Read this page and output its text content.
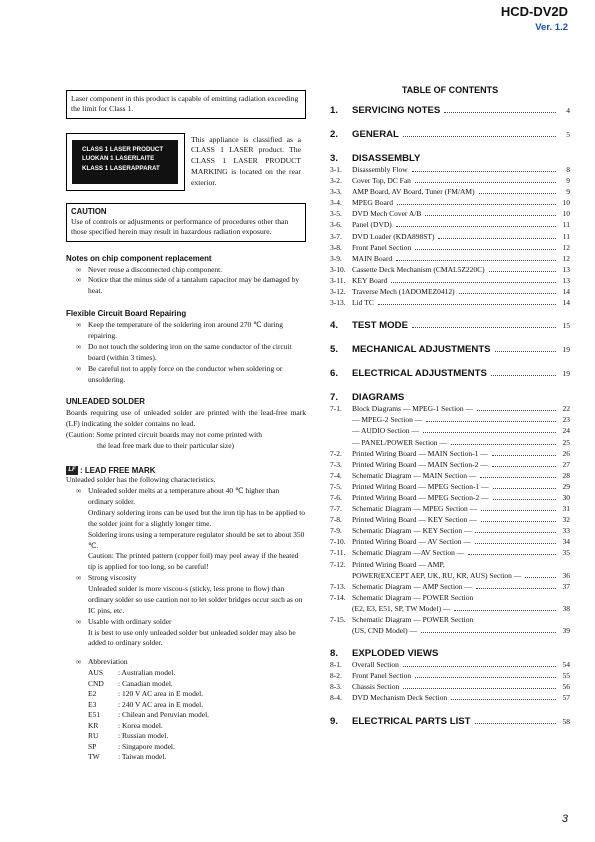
HCD-DV2D
Ver. 1.2
Laser component in this product is capable of emitting radiation exceeding the limit for Class 1.
CLASS 1 LASER PRODUCT
LUOKAN 1 LASERLAITE
KLASS 1 LASERAPPARAT
This appliance is classified as a CLASS 1 LASER product. The CLASS 1 LASER PRODUCT MARKING is located on the rear exterior.
CAUTION
Use of controls or adjustments or performance of procedures other than those specified herein may result in hazardous radiation exposure.
Notes on chip component replacement
∞ Never reuse a disconnected chip component.
∞ Notice that the minus side of a tantalum capacitor may be damaged by heat.
Flexible Circuit Board Repairing
∞ Keep the temperature of the soldering iron around 270 ℃ during repairing.
∞ Do not touch the soldering iron on the same conductor of the circuit board (within 3 times).
∞ Be careful not to apply force on the conductor when soldering or unsoldering.
UNLEADED SOLDER
Boards requiring use of unleaded solder are printed with the lead-free mark (LF) indicating the solder contains no lead.
(Caution: Some printed circuit boards may not come printed with
the lead free mark due to their particular size)
LF : LEAD FREE MARK
Unleaded solder has the following characteristics.
∞ Unleaded solder melts at a temperature about 40 ℃ higher than ordinary solder.
Ordinary soldering irons can be used but the iron tip has to be applied to the solder joint for a slightly longer time.
Soldering irons using a temperature regulator should be set to about 350 ℃.
Caution: The printed pattern (copper foil) may peel away if the heated tip is applied for too long, so be careful!
∞ Strong viscosity
Unleaded solder is more viscou-s (sticky, less prone to flow) than ordinary solder so use caution not to let solder bridges occur such as on IC pins, etc.
∞ Usable with ordinary solder
It is best to use only unleaded solder but unleaded solder may also be added to ordinary solder.
∞ Abbreviation
AUS	: Australian model.
CND	: Canadian model.
E2	: 120 V AC area in E model.
E3	: 240 V AC area in E model.
E51	: Chilean and Peruvian model.
KR	: Korea model.
RU	: Russian model.
SP	: Singapore model.
TW	: Taiwan model.
TABLE OF CONTENTS
1.	SERVICING NOTES	4
2.	GENERAL	5
3.	DISASSEMBLY
3-1.	Disassembly Flow	8
3-2.	Cover Top, DC Fan	9
3-3.	AMP Board, AV Board, Tuner (FM/AM)	9
3-4.	MPEG Board	10
3-5.	DVD Mech Cover A/B	10
3-6.	Panel (DVD)	11
3-7.	DVD Loader (KDA898ST)	11
3-8.	Front Panel Section	12
3-9.	MAIN Board	12
3-10. Cassette Deck Mechanism (CMAL5Z220C)	13
3-11. KEY Board	13
3-12. Traverse Mech (1ADOMEZ0412)	14
3-13. Lid TC	14
4.	TEST MODE	15
5.	MECHANICAL ADJUSTMENTS	19
6.	ELECTRICAL ADJUSTMENTS	19
7.	DIAGRAMS
7-1.	Block Diagrams — MPEG-1 Section —	22
— MPEG-2 Section —	23
— AUDIO Section —	24
— PANEL/POWER Section —	25
7-2.	Printed Wiring Board — MAIN Section-1 —	26
7-3.	Printed Wiring Board — MAIN Section-2 —	27
7-4.	Schematic Diagram — MAIN Section —	28
7-5.	Printed Wiring Board — MPEG Section-1 —	29
7-6.	Printed Wiring Board — MPEG Section-2 —	30
7-7.	Schematic Diagram — MPEG Section —	31
7-8.	Printed Wiring Board — KEY Section —	32
7-9.	Schematic Diagram — KEY Section —	33
7-10. Printed Wiring Board — AV Section —	34
7-11. Schematic Diagram —AV Section —	35
7-12. Printed Wiring Board — AMP,
POWER(EXCEPT AEP, UK, RU, KR, AUS) Section —	36
7-13. Schematic Diagram — AMP Section —	37
7-14. Schematic Diagram — POWER Section
(E2, E3, E51, SP, TW Model) —	38
7-15. Schematic Diagram — POWER Section
(US, CND Model) —	39
8.	EXPLODED VIEWS
8-1.	Overall Section	54
8-2.	Front Panel Section	55
8-3.	Chassis Section	56
8-4.	DVD Mechanism Deck Section	57
9.	ELECTRICAL PARTS LIST	58
3
